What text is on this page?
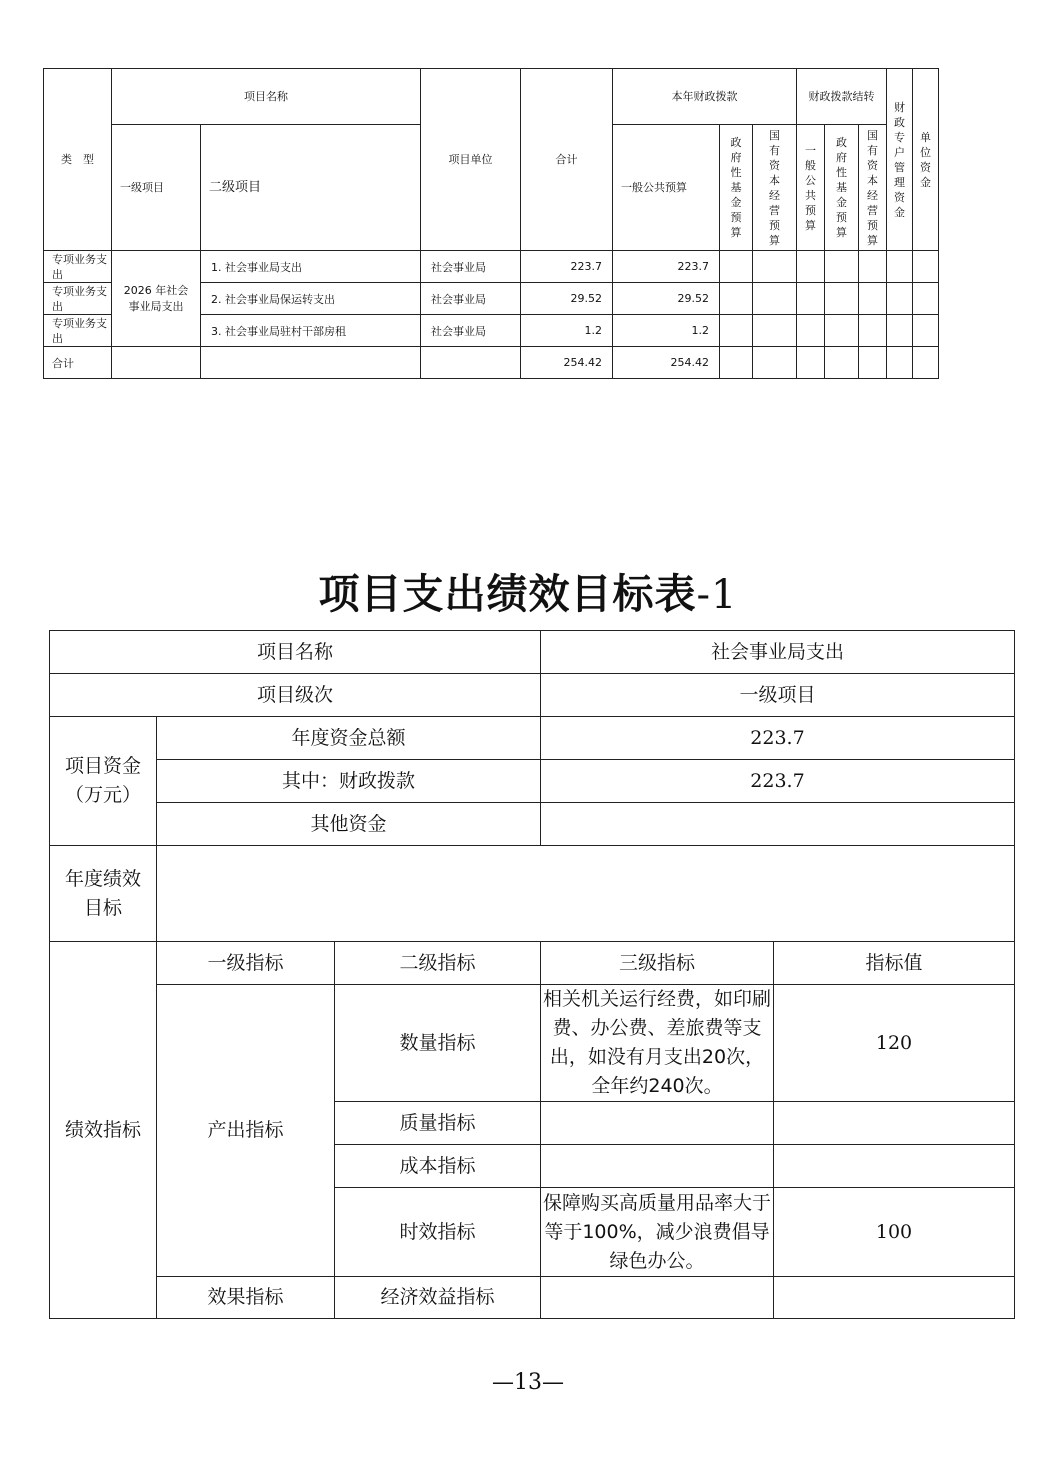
类　型	项目名称		项目单位	合计	本年财政拨款			财政拨款结转			财政专户管理资金	单位资金
	一级项目	二级项目			一般公共预算	政府性基金预算	国有资本经营预算	一般公共预算	政府性基金预算	国有资本经营预算		
专项业务支出	2026 年社会事业局支出	1. 社会事业局支出	社会事业局	223.7	223.7							
专项业务支出		2. 社会事业局保运转支出	社会事业局	29.52	29.52							
专项业务支出		3. 社会事业局驻村干部房租	社会事业局	1.2	1.2							
合计				254.42	254.42							
项目支出绩效目标表-1
项目名称			社会事业局支出	
项目级次			一级项目	
项目资金（万元）	年度资金总额		223.7	
	其中：财政拨款		223.7	
	其他资金			
年度绩效目标				
绩效指标	一级指标	二级指标	三级指标	指标值
	产出指标	数量指标	相关机关运行经费，如印刷费、办公费、差旅费等支出，如没有月支出20次，全年约240次。	120
		质量指标		
		成本指标		
		时效指标	保障购买高质量用品率大于等于100%，减少浪费倡导绿色办公。	100
	效果指标	经济效益指标		
—13—
